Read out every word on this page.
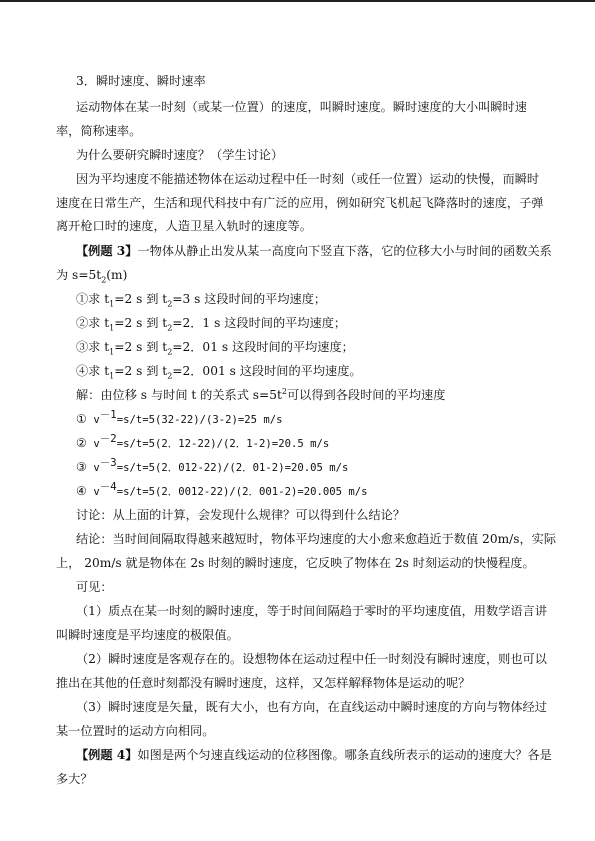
3．瞬时速度、瞬时速率
运动物体在某一时刻（或某一位置）的速度，叫瞬时速度。瞬时速度的大小叫瞬时速
率，简称速率。
为什么要研究瞬时速度？（学生讨论）
因为平均速度不能描述物体在运动过程中任一时刻（或任一位置）运动的快慢，而瞬时
速度在日常生产，生活和现代科技中有广泛的应用，例如研究飞机起飞降落时的速度，子弹
离开枪口时的速度，人造卫星入轨时的速度等。
【例题 3】一物体从静止出发从某一高度向下竖直下落，它的位移大小与时间的函数关系
为 $s=5t_2(m)$
①求 $t_1=2$ s 到 $t_2=3$ s 这段时间的平均速度；
②求 $t_1=2$ s 到 $t_2=2$．1 s 这段时间的平均速度；
③求 $t_1=2$ s 到 $t_2=2$．01 s 这段时间的平均速度；
④求 $t_1=2$ s 到 $t_2=2$．001 s 这段时间的平均速度。
解：由位移 s 与时间 t 的关系式 $s=5t^2$可以得到各段时间的平均速度
① $v^{-1}=s/t=5(32-22)/(3-2)=25$ m/s
② $v^{-2}=s/t=5(2$．12-22)/(2．1-2)=20.5 m/s
③ $v^{-3}=s/t=5(2$．012-22)/(2．01-2)=20.05 m/s
④ $v^{-4}=s/t=5(2$．0012-22)/(2．001-2)=20.005 m/s
讨论：从上面的计算，会发现什么规律？可以得到什么结论？
结论：当时间间隔取得越来越短时，物体平均速度的大小愈来愈趋近于数值 20m/s，实际
上， 20m/s 就是物体在 2s 时刻的瞬时速度，它反映了物体在 2s 时刻运动的快慢程度。
可见：
（1）质点在某一时刻的瞬时速度，等于时间间隔趋于零时的平均速度值，用数学语言讲
叫瞬时速度是平均速度的极限值。
（2）瞬时速度是客观存在的。设想物体在运动过程中任一时刻没有瞬时速度，则也可以
推出在其他的任意时刻都没有瞬时速度，这样，又怎样解释物体是运动的呢？
（3）瞬时速度是矢量，既有大小，也有方向，在直线运动中瞬时速度的方向与物体经过
某一位置时的运动方向相同。
【例题 4】如图是两个匀速直线运动的位移图像。哪条直线所表示的运动的速度大？各是
多大？
